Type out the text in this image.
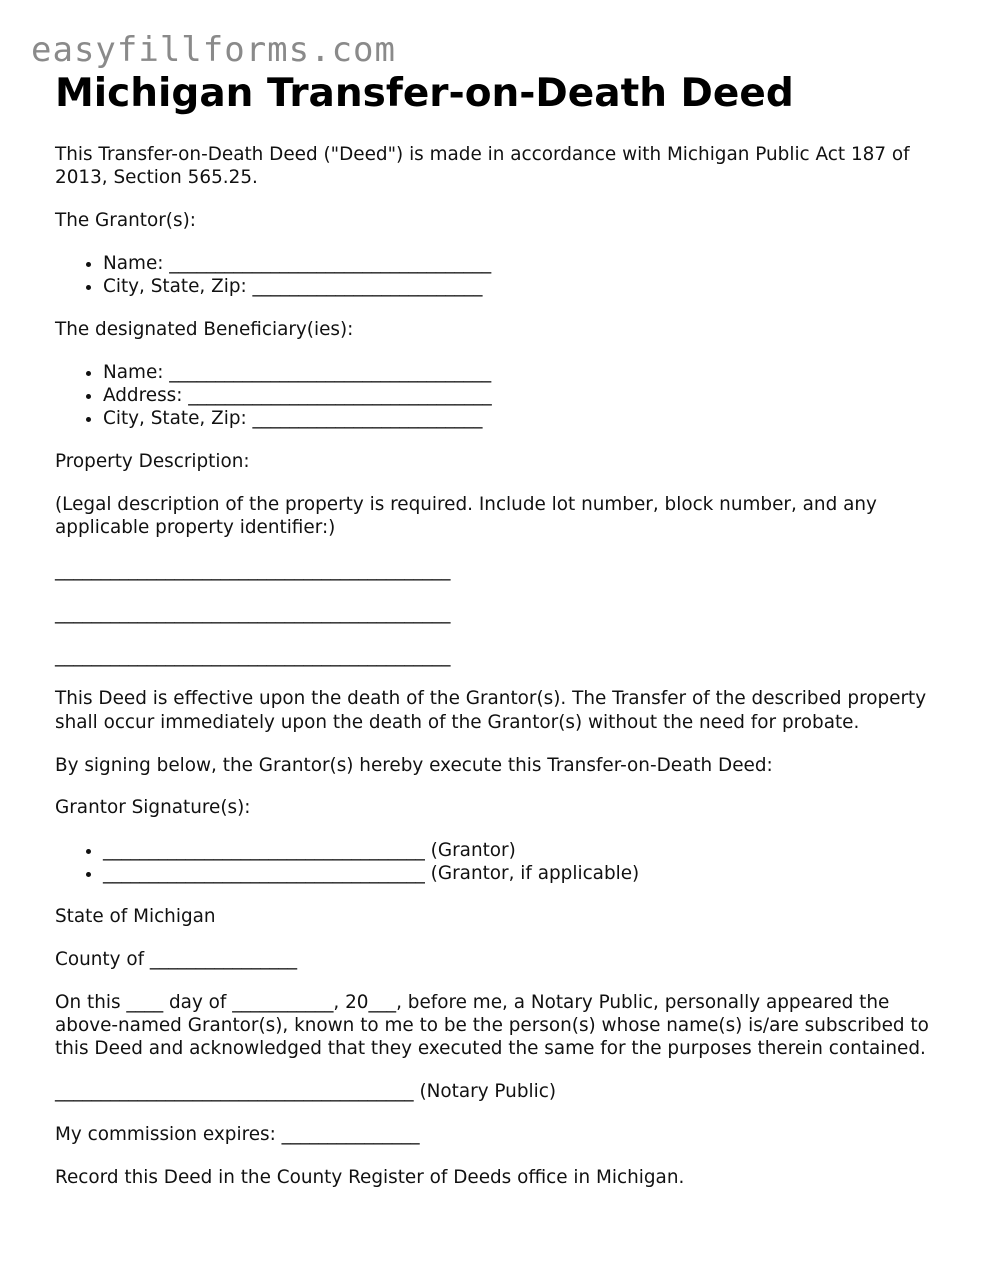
easyfillforms.com
Michigan Transfer-on-Death Deed

This Transfer-on-Death Deed ("Deed") is made in accordance with Michigan Public Act 187 of 2013, Section 565.25.

The Grantor(s):

• Name: ___________________________________
• City, State, Zip: _________________________

The designated Beneficiary(ies):

• Name: ___________________________________
• Address: _________________________________
• City, State, Zip: _________________________

Property Description:

(Legal description of the property is required. Include lot number, block number, and any applicable property identifier:)

___________________________________________
___________________________________________
___________________________________________

This Deed is effective upon the death of the Grantor(s). The Transfer of the described property shall occur immediately upon the death of the Grantor(s) without the need for probate.

By signing below, the Grantor(s) hereby execute this Transfer-on-Death Deed:

Grantor Signature(s):

• ___________________________________ (Grantor)
• ___________________________________ (Grantor, if applicable)

State of Michigan

County of ________________

On this ____ day of ___________, 20___, before me, a Notary Public, personally appeared the above-named Grantor(s), known to me to be the person(s) whose name(s) is/are subscribed to this Deed and acknowledged that they executed the same for the purposes therein contained.

_______________________________________ (Notary Public)

My commission expires: _______________

Record this Deed in the County Register of Deeds office in Michigan.
